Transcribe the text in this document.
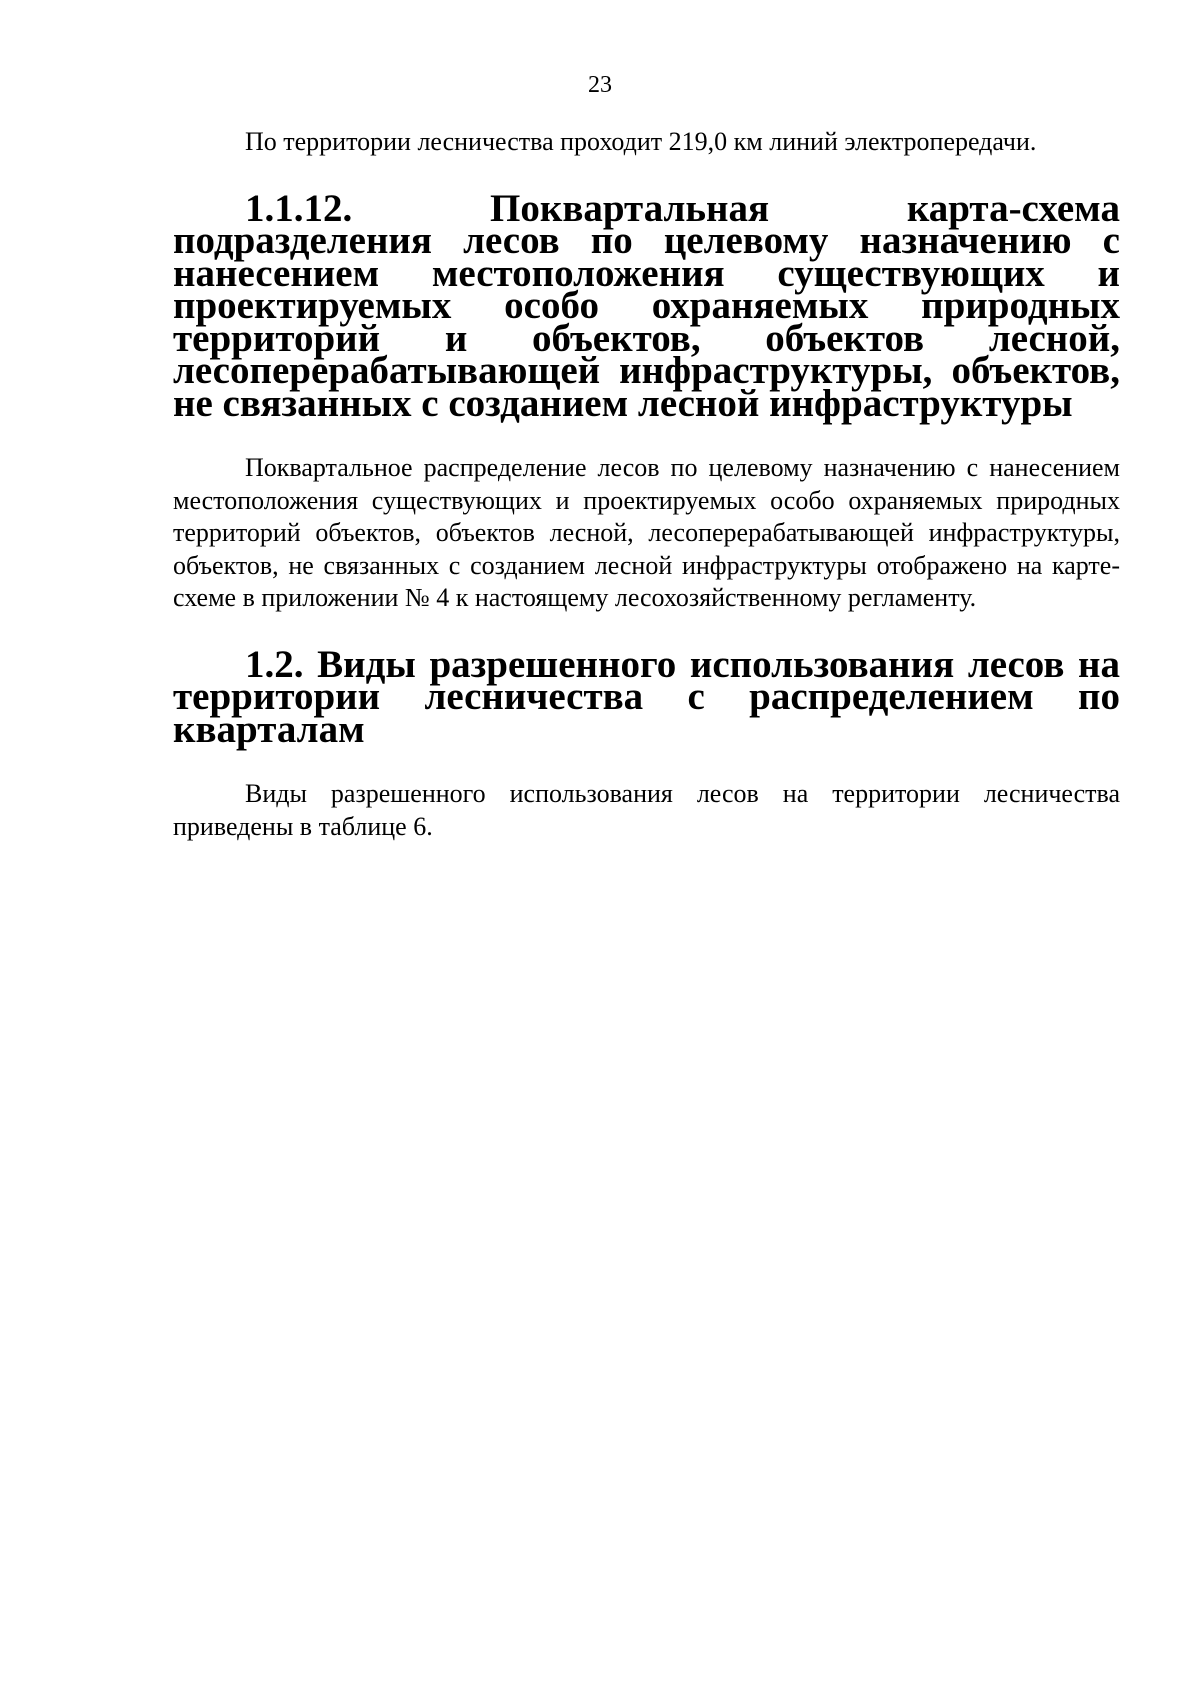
23

По территории лесничества проходит 219,0 км линий электропередачи.

1.1.12. Поквартальная карта-схема подразделения лесов по целевому назначению с нанесением местоположения существующих и проектируемых особо охраняемых природных территорий и объектов, объектов лесной, лесоперерабатывающей инфраструктуры, объектов, не связанных с созданием лесной инфраструктуры

Поквартальное распределение лесов по целевому назначению с нанесением местоположения существующих и проектируемых особо охраняемых природных территорий объектов, объектов лесной, лесоперерабатывающей инфраструктуры, объектов, не связанных с созданием лесной инфраструктуры отображено на карте-схеме в приложении № 4 к настоящему лесохозяйственному регламенту.

1.2. Виды разрешенного использования лесов на территории лесничества с распределением по кварталам

Виды разрешенного использования лесов на территории лесничества приведены в таблице 6.
